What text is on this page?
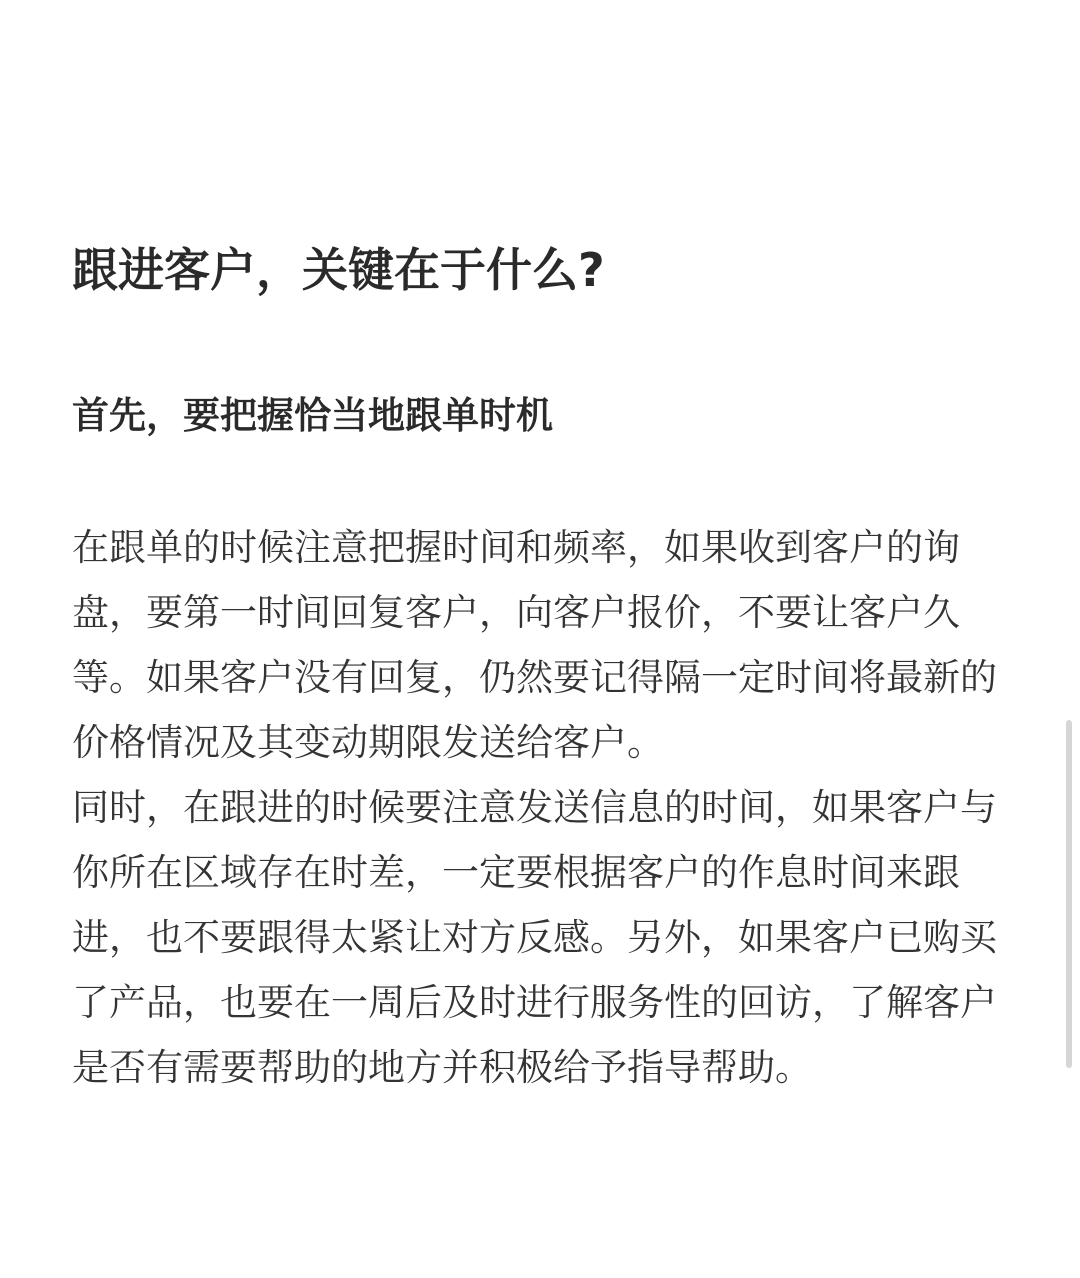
跟进客户，关键在于什么?
首先，要把握恰当地跟单时机

在跟单的时候注意把握时间和频率，如果收到客户的询盘，要第一时间回复客户，向客户报价，不要让客户久等。如果客户没有回复，仍然要记得隔一定时间将最新的价格情况及其变动期限发送给客户。

同时，在跟进的时候要注意发送信息的时间，如果客户与你所在区域存在时差，一定要根据客户的作息时间来跟进，也不要跟得太紧让对方反感。另外，如果客户已购买了产品，也要在一周后及时进行服务性的回访，了解客户是否有需要帮助的地方并积极给予指导帮助。
